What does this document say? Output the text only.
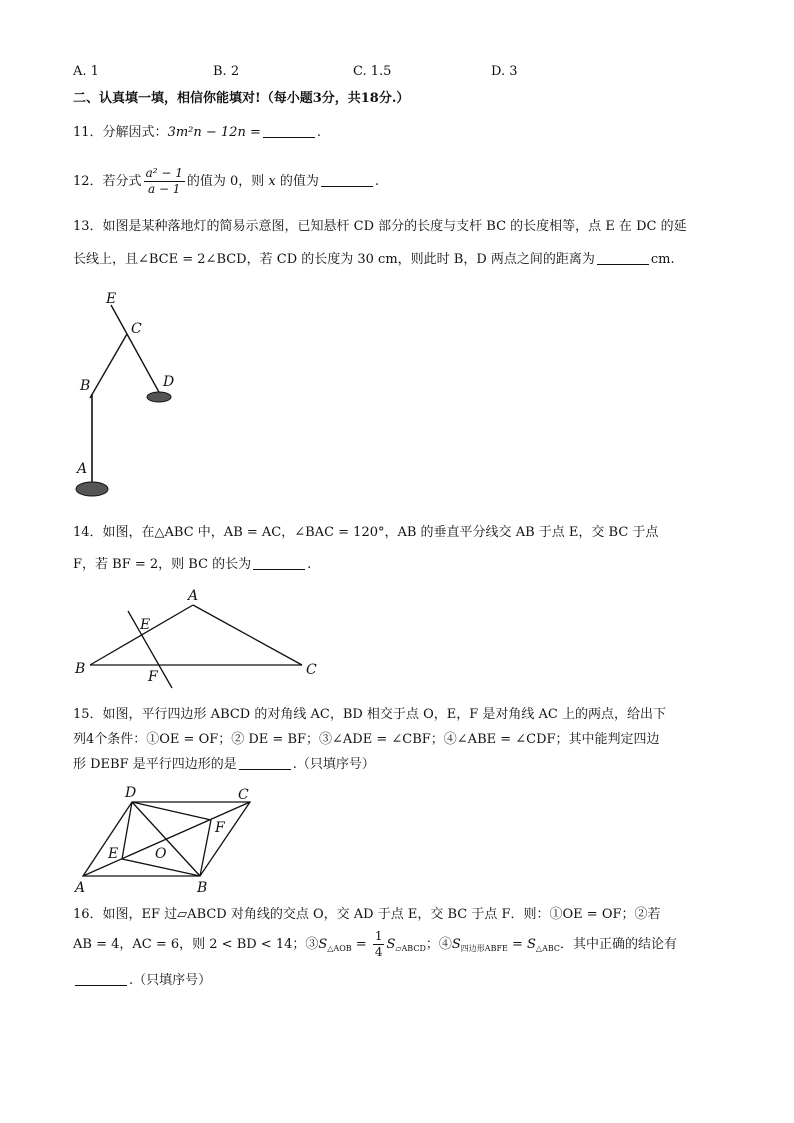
A. 1	B. 2	C. 1.5	D. 3
二、认真填一填，相信你能填对!（每小题3分，共18分.）
11．分解因式：3m²n − 12n =	.
12．若分式 $\frac{\text{a² − 1}}{a - 1}$ 的值为 0，则 x 的值为	.
13．如图是某种落地灯的简易示意图，已知悬杆 CD 部分的长度与支杆 BC 的长度相等，点 E 在 DC 的延
长线上，且∠BCE = 2∠BCD，若 CD 的长度为 30 cm，则此时 B，D 两点之间的距离为	cm.
E
C
D
B
A
14．如图，在△ABC 中，AB = AC，∠BAC = 120°，AB 的垂直平分线交 AB 于点 E，交 BC 于点
F，若 BF = 2，则 BC 的长为	.
A
E
B	F	C
15．如图，平行四边形 ABCD 的对角线 AC，BD 相交于点 O，E，F 是对角线 AC 上的两点，给出下
列4个条件：①OE = OF；② DE = BF；③∠ADE = ∠CBF；④∠ABE = ∠CDF；其中能判定四边
形 DEBF 是平行四边形的是	.（只填序号）
D	C
F
E	O
A	B
16．如图，EF 过▱ABCD 对角线的交点 O，交 AD 于点 E，交 BC 于点 F．则：①OE = OF；②若
AB = 4，AC = 6，则 2 < BD < 14；$③S_{\triangle AOB} = \frac{1}{4} S_{▱ABCD}$；$④S_{四边形ABFE} = S_{\triangle ABC}$．其中正确的结论有
.（只填序号）
